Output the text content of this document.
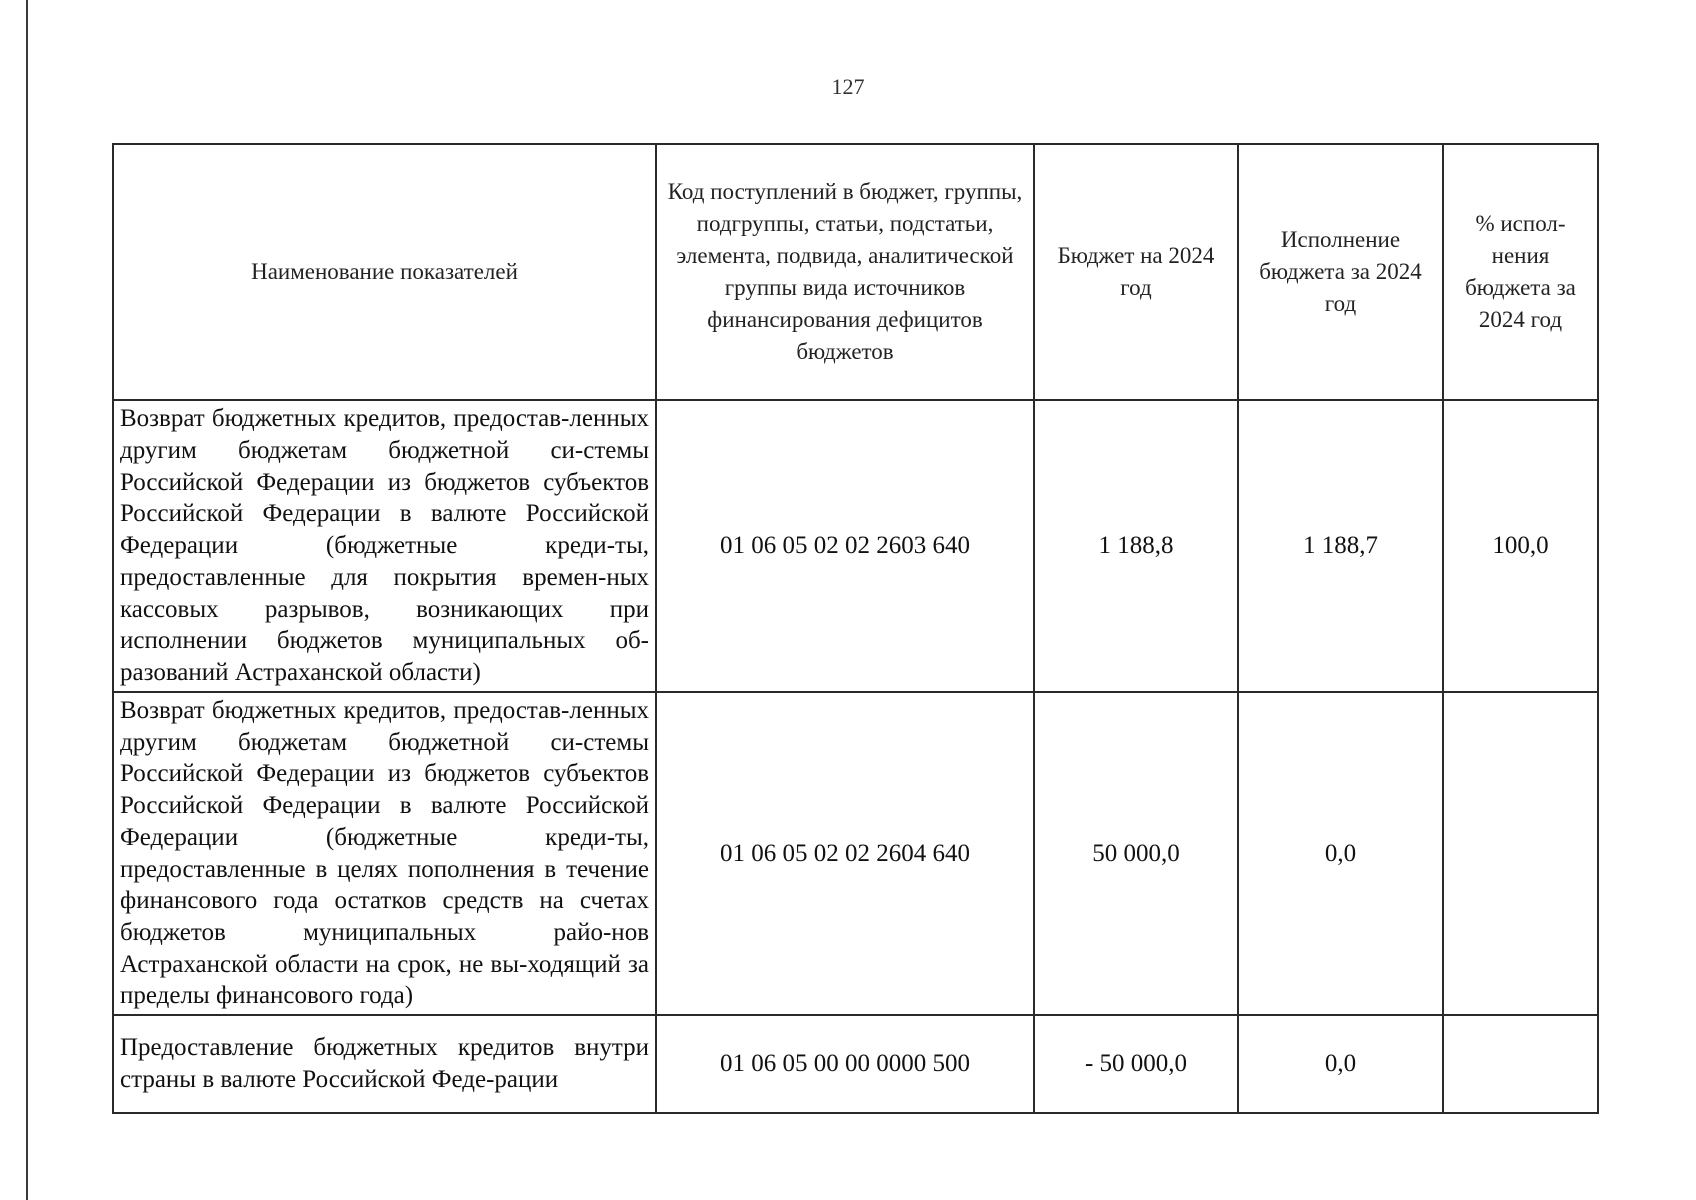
127
Наименование показателей	Код поступлений в бюджет, группы, подгруппы, статьи, подстатьи, элемента, подвида, аналитической группы вида источников финансирования дефицитов бюджетов	Бюджет на 2024 год	Исполнение бюджета за 2024 год	% испол- нения бюджета за 2024 год
Возврат бюджетных кредитов, предостав-ленных другим бюджетам бюджетной си-стемы Российской Федерации из бюджетов субъектов Российской Федерации в валюте Российской Федерации (бюджетные креди-ты, предоставленные для покрытия времен-ных кассовых разрывов, возникающих при исполнении бюджетов муниципальных об-разований Астраханской области)	01 06 05 02 02 2603 640	1 188,8	1 188,7	100,0
Возврат бюджетных кредитов, предостав-ленных другим бюджетам бюджетной си-стемы Российской Федерации из бюджетов субъектов Российской Федерации в валюте Российской Федерации (бюджетные креди-ты, предоставленные в целях пополнения в течение финансового года остатков средств на счетах бюджетов муниципальных райо-нов Астраханской области на срок, не вы-ходящий за пределы финансового года)	01 06 05 02 02 2604 640	50 000,0	0,0	
Предоставление бюджетных кредитов внутри страны в валюте Российской Феде-рации	01 06 05 00 00 0000 500	- 50 000,0	0,0	
